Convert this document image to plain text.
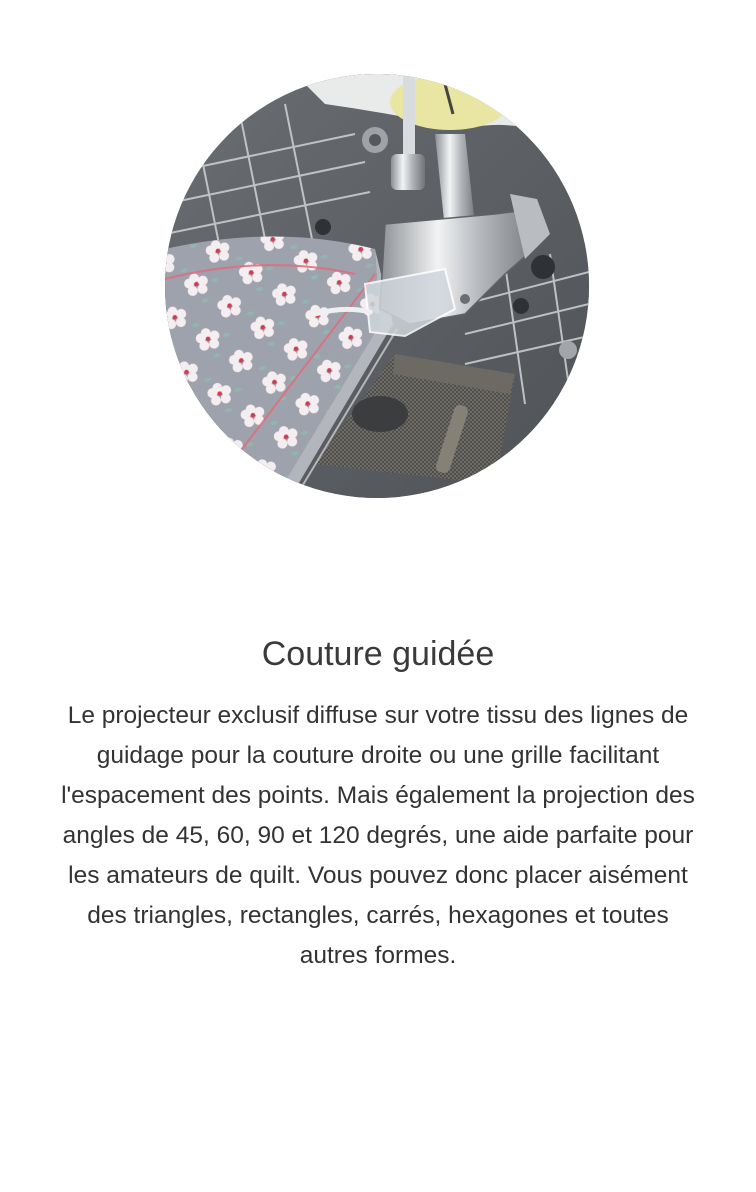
Couture guidée

Le projecteur exclusif diffuse sur votre tissu des lignes de guidage pour la couture droite ou une grille facilitant l'espacement des points. Mais également la projection des angles de 45, 60, 90 et 120 degrés, une aide parfaite pour les amateurs de quilt. Vous pouvez donc placer aisément des triangles, rectangles, carrés, hexagones et toutes autres formes.
